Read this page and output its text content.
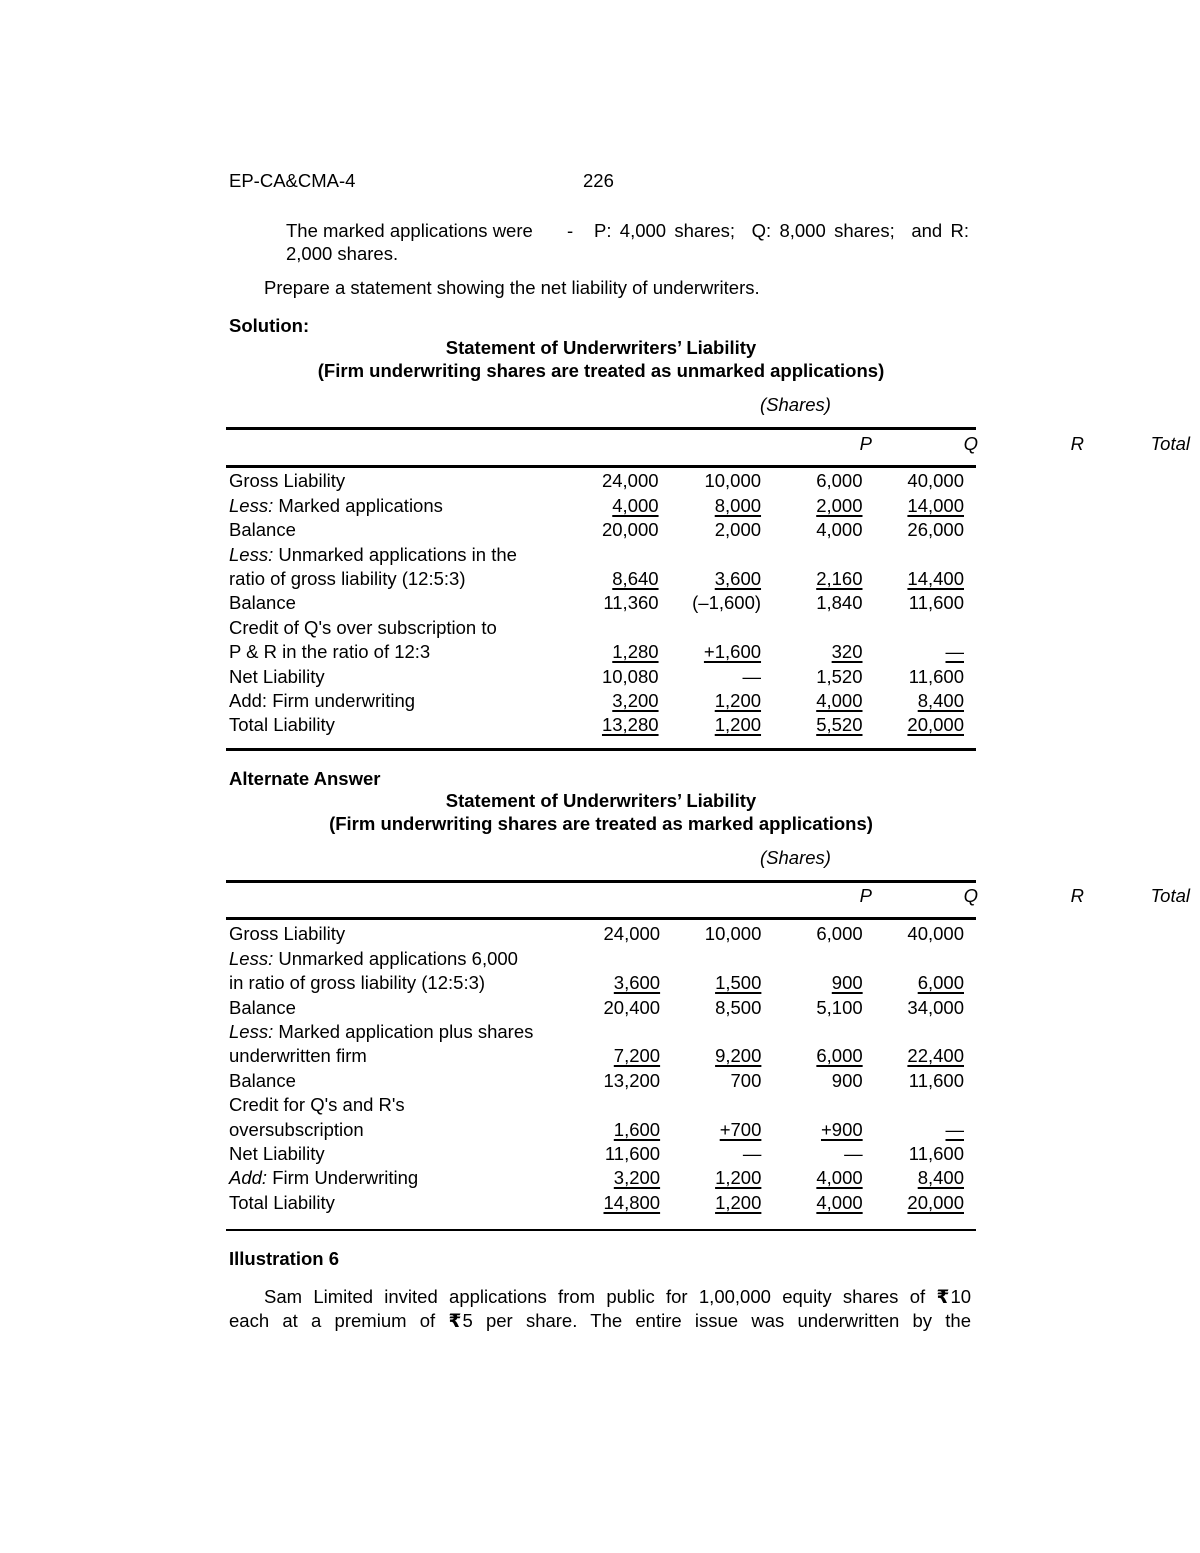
EP-CA&CMA-4	226
The marked applications were - P: 4,000 shares;  Q: 8,000 shares;  and R:
2,000 shares.
Prepare a statement showing the net liability of underwriters.
Solution:
Statement of Underwriters’ Liability
(Firm underwriting shares are treated as unmarked applications)
(Shares)
P	Q	R	Total
Gross Liability	24,000	10,000	6,000	40,000
Less: Marked applications	4,000	8,000	2,000	14,000
Balance	20,000	2,000	4,000	26,000
Less: Unmarked applications in the				
ratio of gross liability (12:5:3)	8,640	3,600	2,160	14,400
Balance	11,360	(–1,600)	1,840	11,600
Credit of Q's over subscription to				
P & R in the ratio of 12:3	1,280	+1,600	320	—
Net Liability	10,080	—	1,520	11,600
Add: Firm underwriting	3,200	1,200	4,000	8,400
Total Liability	13,280	1,200	5,520	20,000
Alternate Answer
Statement of Underwriters’ Liability
(Firm underwriting shares are treated as marked applications)
(Shares)
P	Q	R	Total
Gross Liability	24,000	10,000	6,000	40,000
Less: Unmarked applications 6,000				
in ratio of gross liability (12:5:3)	3,600	1,500	900	6,000
Balance	20,400	8,500	5,100	34,000
Less: Marked application plus shares				
underwritten firm	7,200	9,200	6,000	22,400
Balance	13,200	700	900	11,600
Credit for Q's and R's				
oversubscription	1,600	+700	+900	—
Net Liability	11,600	—	—	11,600
Add: Firm Underwriting	3,200	1,200	4,000	8,400
Total Liability	14,800	1,200	4,000	20,000
Illustration 6
Sam Limited invited applications from public for 1,00,000 equity shares of ₹10
each at a premium of ₹5 per share. The entire issue was underwritten by the
